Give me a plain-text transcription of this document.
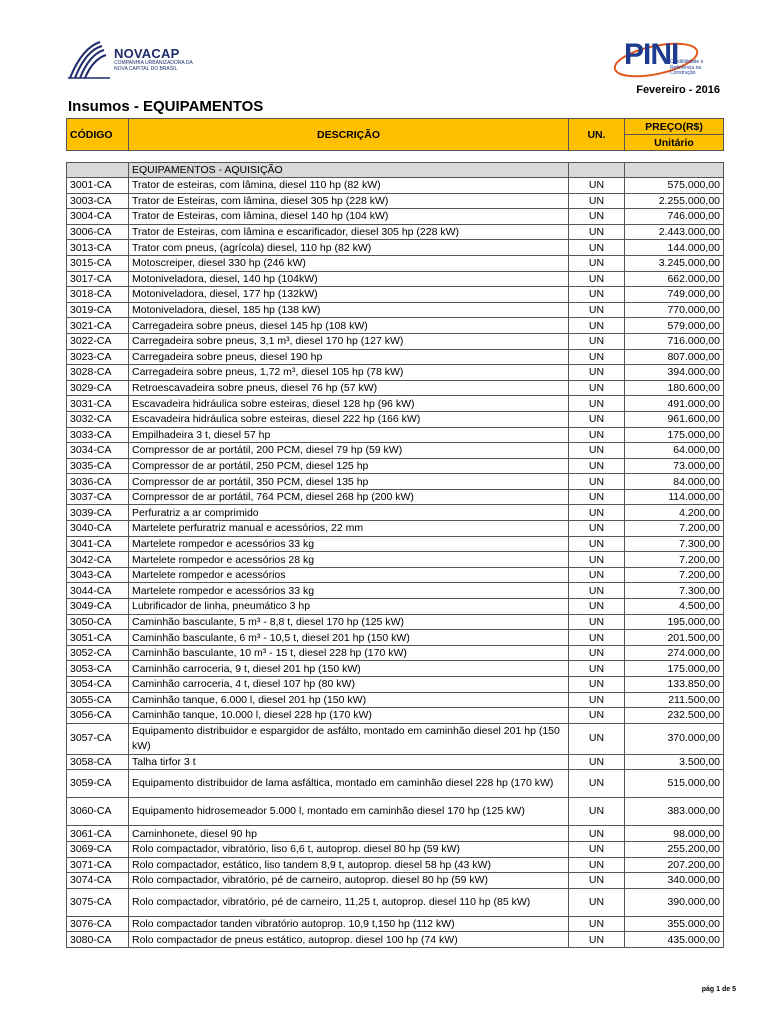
NOVACAP
COMPANHIA URBANIZADORA DA NOVA CAPITAL DO BRASIL	PINI
Credibilidade e Referência na Construção
Fevereiro - 2016
Insumos - EQUIPAMENTOS
CÓDIGO	DESCRIÇÃO	UN.	PREÇO(R$)
			Unitário

	EQUIPAMENTOS - AQUISIÇÃO		
3001-CA	Trator de esteiras, com lâmina, diesel 110 hp (82 kW)	UN	575.000,00
3003-CA	Trator de Esteiras, com lâmina, diesel 305 hp (228 kW)	UN	2.255.000,00
3004-CA	Trator de Esteiras, com lâmina, diesel 140 hp (104 kW)	UN	746.000,00
3006-CA	Trator de Esteiras, com lâmina e escarificador, diesel 305 hp (228 kW)	UN	2.443.000,00
3013-CA	Trator com pneus, (agrícola) diesel, 110 hp (82 kW)	UN	144.000,00
3015-CA	Motoscreiper, diesel 330 hp (246 kW)	UN	3.245.000,00
3017-CA	Motoniveladora, diesel, 140 hp (104kW)	UN	662.000,00
3018-CA	Motoniveladora, diesel, 177 hp (132kW)	UN	749.000,00
3019-CA	Motoniveladora, diesel, 185 hp (138 kW)	UN	770.000,00
3021-CA	Carregadeira sobre pneus, diesel 145 hp (108 kW)	UN	579.000,00
3022-CA	Carregadeira sobre pneus, 3,1 m³, diesel 170 hp (127 kW)	UN	716.000,00
3023-CA	Carregadeira sobre pneus, diesel 190 hp	UN	807.000,00
3028-CA	Carregadeira sobre pneus, 1,72 m³, diesel 105 hp (78 kW)	UN	394.000,00
3029-CA	Retroescavadeira sobre pneus, diesel 76 hp (57 kW)	UN	180.600,00
3031-CA	Escavadeira hidráulica sobre esteiras, diesel 128 hp (96 kW)	UN	491.000,00
3032-CA	Escavadeira hidráulica sobre esteiras, diesel 222 hp (166 kW)	UN	961.600,00
3033-CA	Empilhadeira 3 t, diesel 57 hp	UN	175.000,00
3034-CA	Compressor de ar portátil, 200 PCM, diesel 79 hp (59 kW)	UN	64.000,00
3035-CA	Compressor de ar portátil, 250 PCM, diesel 125 hp	UN	73.000,00
3036-CA	Compressor de ar portátil, 350 PCM, diesel 135 hp	UN	84.000,00
3037-CA	Compressor de ar portátil, 764 PCM, diesel 268 hp (200 kW)	UN	114.000,00
3039-CA	Perfuratriz a ar comprimido	UN	4.200,00
3040-CA	Martelete perfuratriz manual e acessórios, 22 mm	UN	7.200,00
3041-CA	Martelete rompedor e acessórios 33 kg	UN	7.300,00
3042-CA	Martelete rompedor e acessórios 28 kg	UN	7.200,00
3043-CA	Martelete rompedor e acessórios	UN	7.200,00
3044-CA	Martelete rompedor e acessórios 33 kg	UN	7.300,00
3049-CA	Lubrificador de linha, pneumático 3 hp	UN	4.500,00
3050-CA	Caminhão basculante, 5 m³ - 8,8 t, diesel 170 hp (125 kW)	UN	195.000,00
3051-CA	Caminhão basculante, 6 m³ - 10,5 t, diesel 201 hp (150 kW)	UN	201.500,00
3052-CA	Caminhão basculante, 10 m³ - 15 t, diesel 228 hp (170 kW)	UN	274.000,00
3053-CA	Caminhão carroceria, 9 t, diesel 201 hp (150 kW)	UN	175.000,00
3054-CA	Caminhão carroceria, 4 t, diesel 107 hp (80 kW)	UN	133.850,00
3055-CA	Caminhão tanque, 6.000 l, diesel 201 hp (150 kW)	UN	211.500,00
3056-CA	Caminhão tanque, 10.000 l, diesel 228 hp (170 kW)	UN	232.500,00
3057-CA	Equipamento distribuidor e espargidor de asfálto, montado em caminhão diesel 201 hp (150 kW)	UN	370.000,00
3058-CA	Talha tirfor 3 t	UN	3.500,00
3059-CA	Equipamento distribuidor de lama asfáltica, montado em caminhão diesel 228 hp (170 kW)	UN	515.000,00
3060-CA	Equipamento hidrosemeador 5.000 l, montado em caminhão diesel 170 hp (125 kW)	UN	383.000,00
3061-CA	Caminhonete, diesel 90 hp	UN	98.000,00
3069-CA	Rolo compactador, vibratório, liso 6,6 t, autoprop. diesel 80 hp (59 kW)	UN	255.200,00
3071-CA	Rolo compactador, estático, liso tandem 8,9 t, autoprop. diesel 58 hp (43 kW)	UN	207.200,00
3074-CA	Rolo compactador, vibratório, pé de carneiro, autoprop. diesel 80 hp (59 kW)	UN	340.000,00
3075-CA	Rolo compactador, vibratório, pé de carneiro, 11,25 t, autoprop. diesel 110 hp (85 kW)	UN	390.000,00
3076-CA	Rolo compactador tanden vibratório autoprop. 10,9 t,150 hp (112 kW)	UN	355.000,00
3080-CA	Rolo compactador de pneus estático, autoprop. diesel 100 hp (74 kW)	UN	435.000,00
pág 1 de 5
